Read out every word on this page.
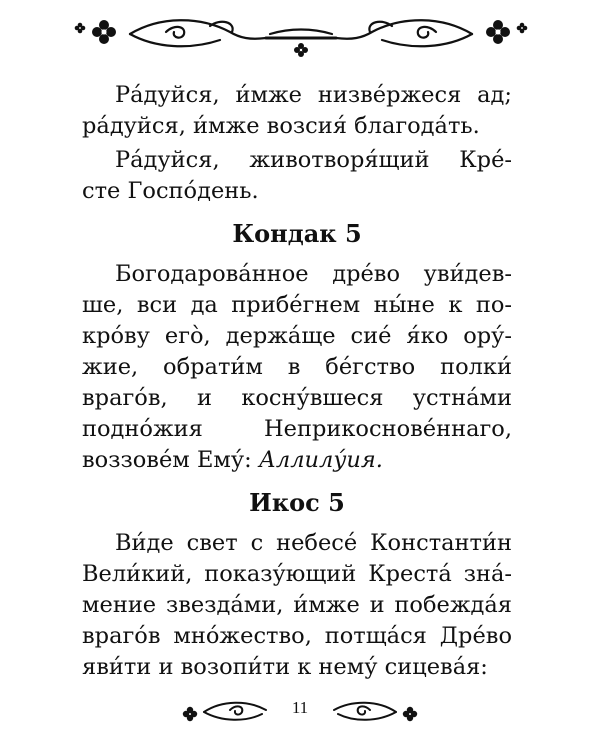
Ра́дуйся, и́мже низве́ржеся ад;
ра́дуйся, и́мже возсия́ благода́ть.

Ра́дуйся, животворя́щий Кре́-
сте Госпо́день.

Кондак 5

Богодарова́нное дре́во уви́дев-
ше, вси да прибе́гнем ны́не к по-
кро́ву его̀, держа́ще сие́ я́ко ору́-
жие, обрати́м в бе́гство полки́
враго́в, и косну́вшеся устна́ми
подно́жия Неприкоснове́ннаго,
воззове́м Ему́: Аллилу́ия.

Икос 5

Ви́де свет с небесе́ Константи́н
Вели́кий, показу́ющий Креста́ зна́-
мение звезда́ми, и́мже и побежда́я
враго́в мно́жество, потща́ся Дре́во
яви́ти и возопи́ти к нему́ сицева́я:

11
